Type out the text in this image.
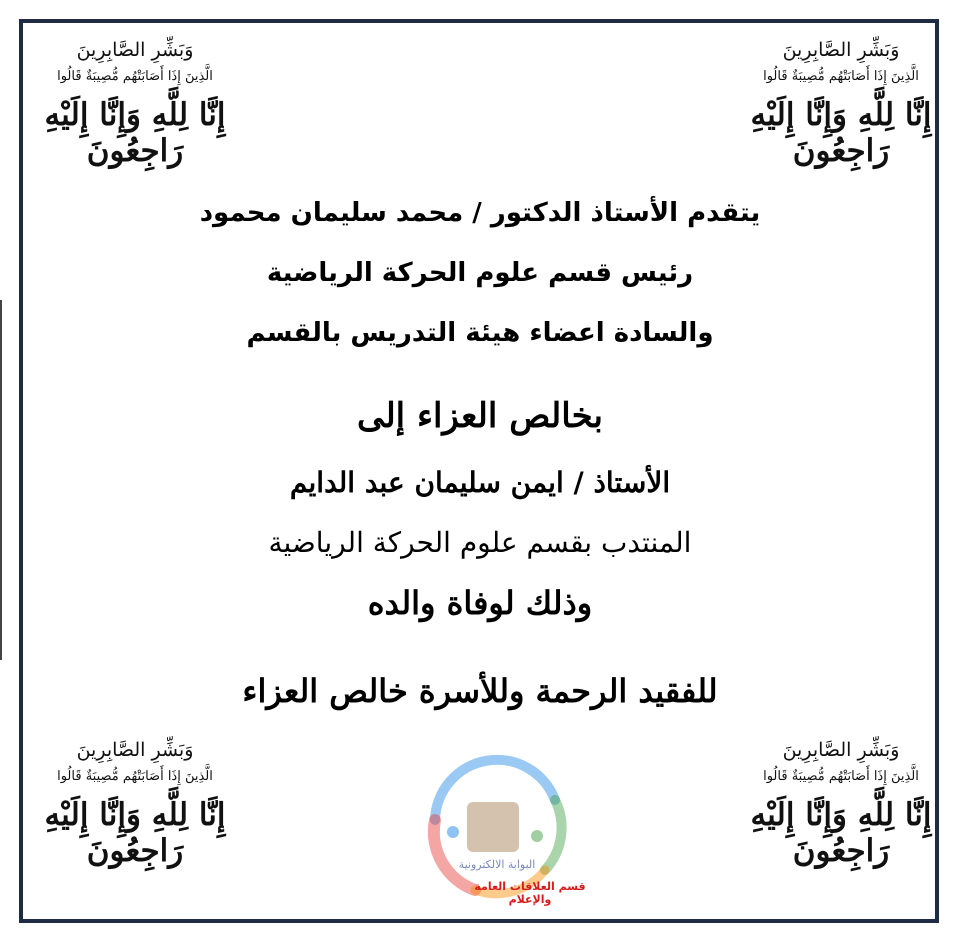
وَبَشِّرِ الصَّابِرِينَ
الَّذِينَ إِذَا أَصَابَتْهُم مُّصِيبَةٌ قَالُوا
إِنَّا لِلَّهِ وَإِنَّا إِلَيْهِ رَاجِعُونَ
وَبَشِّرِ الصَّابِرِينَ
الَّذِينَ إِذَا أَصَابَتْهُم مُّصِيبَةٌ قَالُوا
إِنَّا لِلَّهِ وَإِنَّا إِلَيْهِ رَاجِعُونَ
وَبَشِّرِ الصَّابِرِينَ
الَّذِينَ إِذَا أَصَابَتْهُم مُّصِيبَةٌ قَالُوا
إِنَّا لِلَّهِ وَإِنَّا إِلَيْهِ رَاجِعُونَ
وَبَشِّرِ الصَّابِرِينَ
الَّذِينَ إِذَا أَصَابَتْهُم مُّصِيبَةٌ قَالُوا
إِنَّا لِلَّهِ وَإِنَّا إِلَيْهِ رَاجِعُونَ
يتقدم الأستاذ الدكتور / محمد سليمان محمود
رئيس قسم علوم الحركة الرياضية
والسادة اعضاء هيئة التدريس بالقسم
بخالص العزاء إلى
الأستاذ / ايمن سليمان عبد الدايم
المنتدب بقسم علوم الحركة الرياضية
وذلك لوفاة والده
للفقيد الرحمة وللأسرة خالص العزاء
البوابة الالكترونية
قسم العلاقات العامة والإعلام
